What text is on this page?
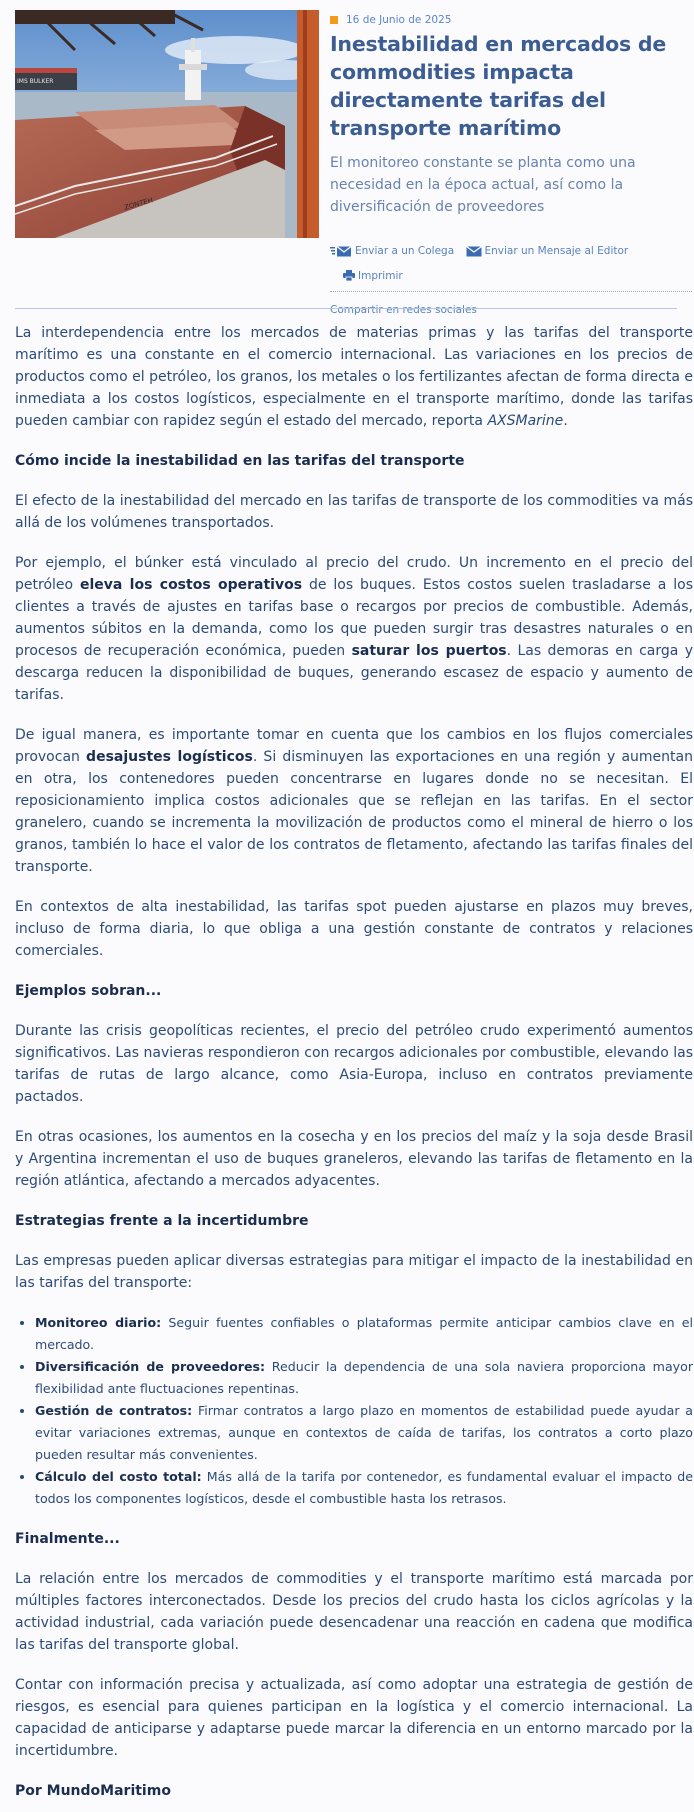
IMS BULKER
ZONTEH
16 de Junio de 2025
Inestabilidad en mercados de commodities impacta directamente tarifas del transporte marítimo

El monitoreo constante se planta como una necesidad en la época actual, así como la diversificación de proveedores

Enviar a un Colega
	Enviar un Mensaje al Editor
Imprimir
Compartir en redes sociales

La interdependencia entre los mercados de materias primas y las tarifas del transporte marítimo es una constante en el comercio internacional. Las variaciones en los precios de productos como el petróleo, los granos, los metales o los fertilizantes afectan de forma directa e inmediata a los costos logísticos, especialmente en el transporte marítimo, donde las tarifas pueden cambiar con rapidez según el estado del mercado, reporta AXSMarine.

Cómo incide la inestabilidad en las tarifas del transporte

El efecto de la inestabilidad del mercado en las tarifas de transporte de los commodities va más allá de los volúmenes transportados.

Por ejemplo, el búnker está vinculado al precio del crudo. Un incremento en el precio del petróleo eleva los costos operativos de los buques. Estos costos suelen trasladarse a los clientes a través de ajustes en tarifas base o recargos por precios de combustible. Además, aumentos súbitos en la demanda, como los que pueden surgir tras desastres naturales o en procesos de recuperación económica, pueden saturar los puertos. Las demoras en carga y descarga reducen la disponibilidad de buques, generando escasez de espacio y aumento de tarifas.

De igual manera, es importante tomar en cuenta que los cambios en los flujos comerciales provocan desajustes logísticos. Si disminuyen las exportaciones en una región y aumentan en otra, los contenedores pueden concentrarse en lugares donde no se necesitan. El reposicionamiento implica costos adicionales que se reflejan en las tarifas. En el sector granelero, cuando se incrementa la movilización de productos como el mineral de hierro o los granos, también lo hace el valor de los contratos de fletamento, afectando las tarifas finales del transporte.

En contextos de alta inestabilidad, las tarifas spot pueden ajustarse en plazos muy breves, incluso de forma diaria, lo que obliga a una gestión constante de contratos y relaciones comerciales.

Ejemplos sobran...

Durante las crisis geopolíticas recientes, el precio del petróleo crudo experimentó aumentos significativos. Las navieras respondieron con recargos adicionales por combustible, elevando las tarifas de rutas de largo alcance, como Asia-Europa, incluso en contratos previamente pactados.

En otras ocasiones, los aumentos en la cosecha y en los precios del maíz y la soja desde Brasil y Argentina incrementan el uso de buques graneleros, elevando las tarifas de fletamento en la región atlántica, afectando a mercados adyacentes.

Estrategias frente a la incertidumbre

Las empresas pueden aplicar diversas estrategias para mitigar el impacto de la inestabilidad en las tarifas del transporte:

• Monitoreo diario: Seguir fuentes confiables o plataformas permite anticipar cambios clave en el mercado.
• Diversificación de proveedores: Reducir la dependencia de una sola naviera proporciona mayor flexibilidad ante fluctuaciones repentinas.
• Gestión de contratos: Firmar contratos a largo plazo en momentos de estabilidad puede ayudar a evitar variaciones extremas, aunque en contextos de caída de tarifas, los contratos a corto plazo pueden resultar más convenientes.
• Cálculo del costo total: Más allá de la tarifa por contenedor, es fundamental evaluar el impacto de todos los componentes logísticos, desde el combustible hasta los retrasos.
Finalmente...

La relación entre los mercados de commodities y el transporte marítimo está marcada por múltiples factores interconectados. Desde los precios del crudo hasta los ciclos agrícolas y la actividad industrial, cada variación puede desencadenar una reacción en cadena que modifica las tarifas del transporte global.

Contar con información precisa y actualizada, así como adoptar una estrategia de gestión de riesgos, es esencial para quienes participan en la logística y el comercio internacional. La capacidad de anticiparse y adaptarse puede marcar la diferencia en un entorno marcado por la incertidumbre.

Por MundoMaritimo
